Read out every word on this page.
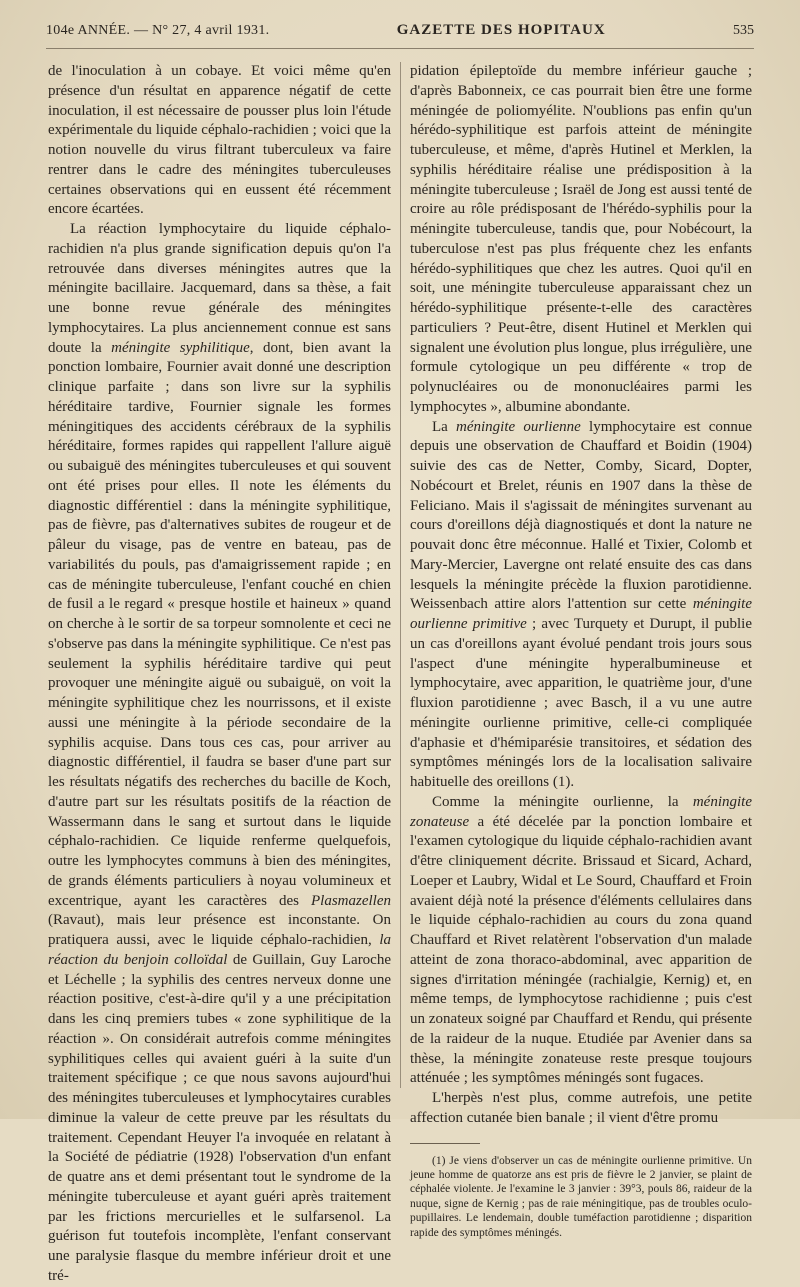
104e ANNÉE. — N° 27, 4 avril 1931.	GAZETTE DES HOPITAUX	535

de l'inoculation à un cobaye. Et voici même qu'en présence d'un résultat en apparence négatif de cette inoculation, il est nécessaire de pousser plus loin l'étude expérimentale du liquide céphalo-rachidien ; voici que la notion nouvelle du virus filtrant tuberculeux va faire rentrer dans le cadre des méningites tuberculeuses certaines observations qui en eussent été récemment encore écartées.

La réaction lymphocytaire du liquide céphalo-rachidien n'a plus grande signification depuis qu'on l'a retrouvée dans diverses méningites autres que la méningite bacillaire. Jacquemard, dans sa thèse, a fait une bonne revue générale des méningites lymphocytaires. La plus anciennement connue est sans doute la méningite syphilitique, dont, bien avant la ponction lombaire, Fournier avait donné une description clinique parfaite ; dans son livre sur la syphilis héréditaire tardive, Fournier signale les formes méningitiques des accidents cérébraux de la syphilis héréditaire, formes rapides qui rappellent l'allure aiguë ou subaiguë des méningites tuberculeuses et qui souvent ont été prises pour elles. Il note les éléments du diagnostic différentiel : dans la méningite syphilitique, pas de fièvre, pas d'alternatives subites de rougeur et de pâleur du visage, pas de ventre en bateau, pas de variabilités du pouls, pas d'amaigrissement rapide ; en cas de méningite tuberculeuse, l'enfant couché en chien de fusil a le regard « presque hostile et haineux » quand on cherche à le sortir de sa torpeur somnolente et ceci ne s'observe pas dans la méningite syphilitique. Ce n'est pas seulement la syphilis héréditaire tardive qui peut provoquer une méningite aiguë ou subaiguë, on voit la méningite syphilitique chez les nourrissons, et il existe aussi une méningite à la période secondaire de la syphilis acquise. Dans tous ces cas, pour arriver au diagnostic différentiel, il faudra se baser d'une part sur les résultats négatifs des recherches du bacille de Koch, d'autre part sur les résultats positifs de la réaction de Wassermann dans le sang et surtout dans le liquide céphalo-rachidien. Ce liquide renferme quelquefois, outre les lymphocytes communs à bien des méningites, de grands éléments particuliers à noyau volumineux et excentrique, ayant les caractères des Plasmazellen (Ravaut), mais leur présence est inconstante. On pratiquera aussi, avec le liquide céphalo-rachidien, la réaction du benjoin colloïdal de Guillain, Guy Laroche et Léchelle ; la syphilis des centres nerveux donne une réaction positive, c'est-à-dire qu'il y a une précipitation dans les cinq premiers tubes « zone syphilitique de la réaction ». On considérait autrefois comme méningites syphilitiques celles qui avaient guéri à la suite d'un traitement spécifique ; ce que nous savons aujourd'hui des méningites tuberculeuses et lymphocytaires curables diminue la valeur de cette preuve par les résultats du traitement. Cependant Heuyer l'a invoquée en relatant à la Société de pédiatrie (1928) l'observation d'un enfant de quatre ans et demi présentant tout le syndrome de la méningite tuberculeuse et ayant guéri après traitement par les frictions mercurielles et le sulfarsenol. La guérison fut toutefois incomplète, l'enfant conservant une paralysie flasque du membre inférieur droit et une tré-

pidation épileptoïde du membre inférieur gauche ; d'après Babonneix, ce cas pourrait bien être une forme méningée de poliomyélite. N'oublions pas enfin qu'un hérédo-syphilitique est parfois atteint de méningite tuberculeuse, et même, d'après Hutinel et Merklen, la syphilis héréditaire réalise une prédisposition à la méningite tuberculeuse ; Israël de Jong est aussi tenté de croire au rôle prédisposant de l'hérédo-syphilis pour la méningite tuberculeuse, tandis que, pour Nobécourt, la tuberculose n'est pas plus fréquente chez les enfants hérédo-syphilitiques que chez les autres. Quoi qu'il en soit, une méningite tuberculeuse apparaissant chez un hérédo-syphilitique présente-t-elle des caractères particuliers ? Peut-être, disent Hutinel et Merklen qui signalent une évolution plus longue, plus irrégulière, une formule cytologique un peu différente « trop de polynucléaires ou de mononucléaires parmi les lymphocytes », albumine abondante.

La méningite ourlienne lymphocytaire est connue depuis une observation de Chauffard et Boidin (1904) suivie des cas de Netter, Comby, Sicard, Dopter, Nobécourt et Brelet, réunis en 1907 dans la thèse de Feliciano. Mais il s'agissait de méningites survenant au cours d'oreillons déjà diagnostiqués et dont la nature ne pouvait donc être méconnue. Hallé et Tixier, Colomb et Mary-Mercier, Lavergne ont relaté ensuite des cas dans lesquels la méningite précède la fluxion parotidienne. Weissenbach attire alors l'attention sur cette méningite ourlienne primitive ; avec Turquety et Durupt, il publie un cas d'oreillons ayant évolué pendant trois jours sous l'aspect d'une méningite hyperalbumineuse et lymphocytaire, avec apparition, le quatrième jour, d'une fluxion parotidienne ; avec Basch, il a vu une autre méningite ourlienne primitive, celle-ci compliquée d'aphasie et d'hémiparésie transitoires, et sédation des symptômes méningés lors de la localisation salivaire habituelle des oreillons (1).

Comme la méningite ourlienne, la méningite zonateuse a été décelée par la ponction lombaire et l'examen cytologique du liquide céphalo-rachidien avant d'être cliniquement décrite. Brissaud et Sicard, Achard, Loeper et Laubry, Widal et Le Sourd, Chauffard et Froin avaient déjà noté la présence d'éléments cellulaires dans le liquide céphalo-rachidien au cours du zona quand Chauffard et Rivet relatèrent l'observation d'un malade atteint de zona thoraco-abdominal, avec apparition de signes d'irritation méningée (rachialgie, Kernig) et, en même temps, de lymphocytose rachidienne ; puis c'est un zonateux soigné par Chauffard et Rendu, qui présente de la raideur de la nuque. Etudiée par Avenier dans sa thèse, la méningite zonateuse reste presque toujours atténuée ; les symptômes méningés sont fugaces.

L'herpès n'est plus, comme autrefois, une petite affection cutanée bien banale ; il vient d'être promu

(1) Je viens d'observer un cas de méningite ourlienne primitive. Un jeune homme de quatorze ans est pris de fièvre le 2 janvier, se plaint de céphalée violente. Je l'examine le 3 janvier : 39°3, pouls 86, raideur de la nuque, signe de Kernig ; pas de raie méningitique, pas de troubles oculo-pupillaires. Le lendemain, double tuméfaction parotidienne ; disparition rapide des symptômes méningés.
